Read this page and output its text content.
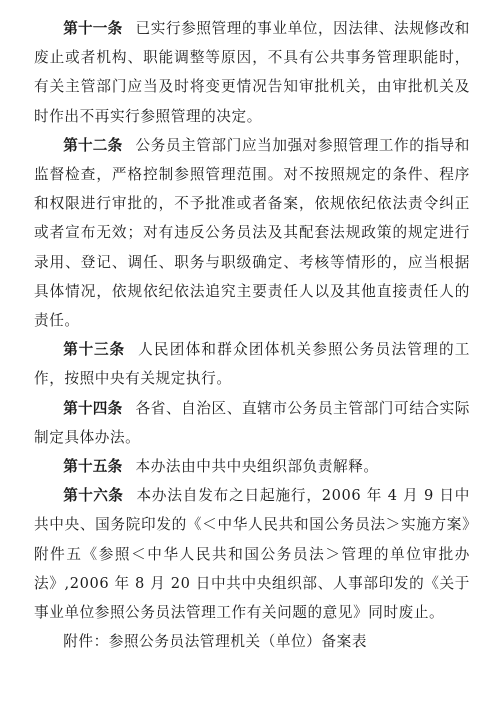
第十一条 已实行参照管理的事业单位，因法律、法规修改和废止或者机构、职能调整等原因，不具有公共事务管理职能时，有关主管部门应当及时将变更情况告知审批机关，由审批机关及时作出不再实行参照管理的决定。

第十二条 公务员主管部门应当加强对参照管理工作的指导和监督检查，严格控制参照管理范围。对不按照规定的条件、程序和权限进行审批的，不予批准或者备案，依规依纪依法责令纠正或者宣布无效；对有违反公务员法及其配套法规政策的规定进行录用、登记、调任、职务与职级确定、考核等情形的，应当根据具体情况，依规依纪依法追究主要责任人以及其他直接责任人的责任。

第十三条 人民团体和群众团体机关参照公务员法管理的工作，按照中央有关规定执行。

第十四条 各省、自治区、直辖市公务员主管部门可结合实际制定具体办法。

第十五条 本办法由中共中央组织部负责解释。

第十六条 本办法自发布之日起施行，2006 年 4 月 9 日中共中央、国务院印发的《＜中华人民共和国公务员法＞实施方案》附件五《参照＜中华人民共和国公务员法＞管理的单位审批办法》,2006 年 8 月 20 日中共中央组织部、人事部印发的《关于事业单位参照公务员法管理工作有关问题的意见》同时废止。

附件：参照公务员法管理机关（单位）备案表
